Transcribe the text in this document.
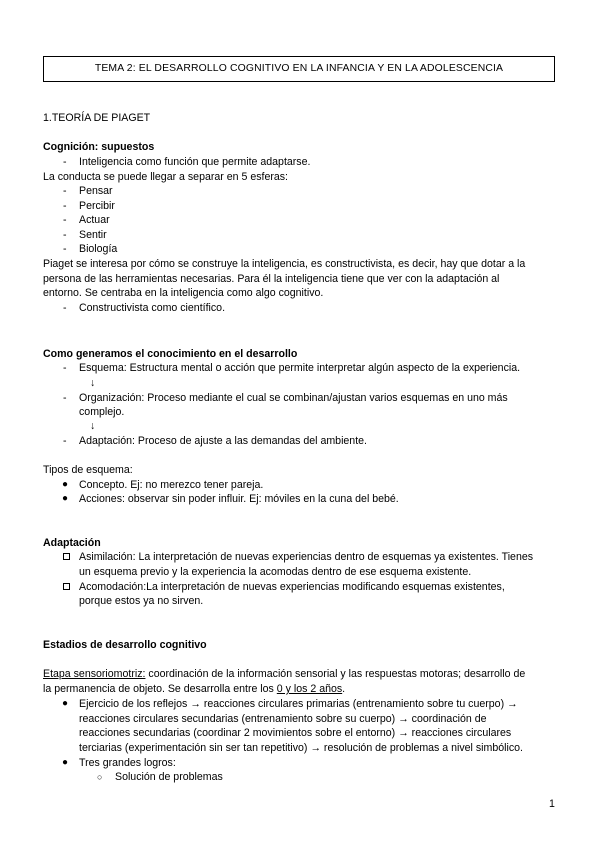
TEMA 2: EL DESARROLLO COGNITIVO EN LA INFANCIA Y EN LA ADOLESCENCIA
1.TEORÍA DE PIAGET
Cognición: supuestos
-	Inteligencia como función que permite adaptarse.
La conducta se puede llegar a separar en 5 esferas:
-	Pensar
-	Percibir
-	Actuar
-	Sentir
-	Biología
Piaget se interesa por cómo se construye la inteligencia, es constructivista, es decir, hay que dotar a la
persona de las herramientas necesarias. Para él la inteligencia tiene que ver con la adaptación al
entorno. Se centraba en la inteligencia como algo cognitivo.
-	Constructivista como científico.
Como generamos el conocimiento en el desarrollo
-	Esquema: Estructura mental o acción que permite interpretar algún aspecto de la experiencia.
↓
-	Organización: Proceso mediante el cual se combinan/ajustan varios esquemas en uno más
complejo.
↓
-	Adaptación: Proceso de ajuste a las demandas del ambiente.
Tipos de esquema:
● Concepto. Ej: no merezco tener pareja.
● Acciones: observar sin poder influir. Ej: móviles en la cuna del bebé.
Adaptación
Asimilación: La interpretación de nuevas experiencias dentro de esquemas ya existentes. Tienes
un esquema previo y la experiencia la acomodas dentro de ese esquema existente.
Acomodación:La interpretación de nuevas experiencias modificando esquemas existentes,
porque estos ya no sirven.
Estadios de desarrollo cognitivo
Etapa sensoriomotriz: coordinación de la información sensorial y las respuestas motoras; desarrollo de
la permanencia de objeto. Se desarrolla entre los 0 y los 2 años.
● Ejercicio de los reflejos → reacciones circulares primarias (entrenamiento sobre tu cuerpo) →
reacciones circulares secundarias (entrenamiento sobre su cuerpo) → coordinación de
reacciones secundarias (coordinar 2 movimientos sobre el entorno) → reacciones circulares
terciarias (experimentación sin ser tan repetitivo) → resolución de problemas a nivel simbólico.
● Tres grandes logros:
○ Solución de problemas
1
